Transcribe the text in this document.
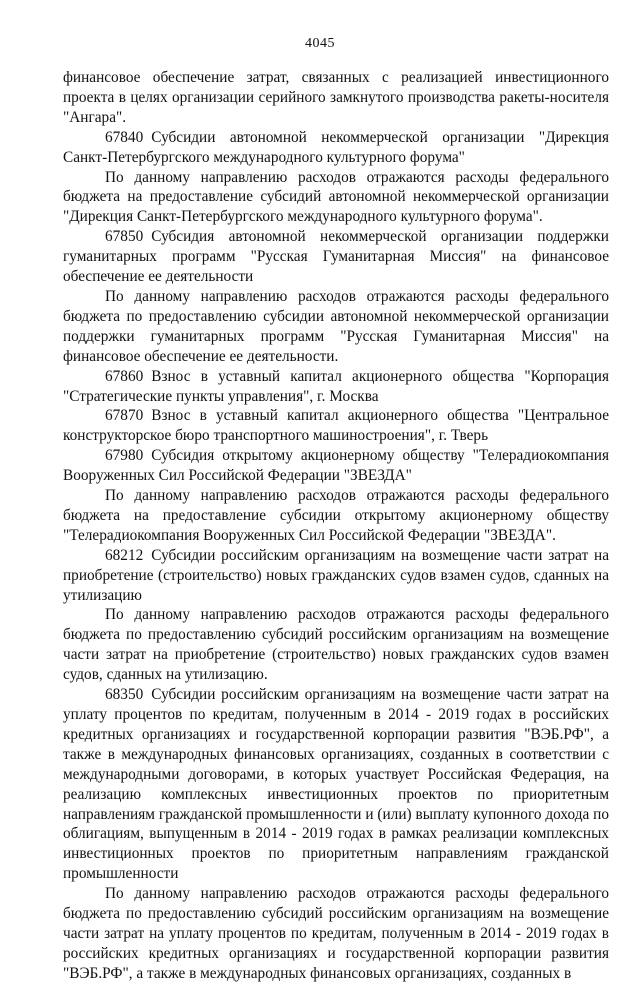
4045

финансовое обеспечение затрат, связанных с реализацией инвестиционного проекта в целях организации серийного замкнутого производства ракеты-носителя "Ангара".

67840 Субсидии автономной некоммерческой организации "Дирекция Санкт-Петербургского международного культурного форума"

По данному направлению расходов отражаются расходы федерального бюджета на предоставление субсидий автономной некоммерческой организации "Дирекция Санкт-Петербургского международного культурного форума".

67850 Субсидия автономной некоммерческой организации поддержки гуманитарных программ "Русская Гуманитарная Миссия" на финансовое обеспечение ее деятельности

По данному направлению расходов отражаются расходы федерального бюджета по предоставлению субсидии автономной некоммерческой организации поддержки гуманитарных программ "Русская Гуманитарная Миссия" на финансовое обеспечение ее деятельности.

67860 Взнос в уставный капитал акционерного общества "Корпорация "Стратегические пункты управления", г. Москва

67870 Взнос в уставный капитал акционерного общества "Центральное конструкторское бюро транспортного машиностроения", г. Тверь

67980 Субсидия открытому акционерному обществу "Телерадиокомпания Вооруженных Сил Российской Федерации "ЗВЕЗДА"

По данному направлению расходов отражаются расходы федерального бюджета на предоставление субсидии открытому акционерному обществу "Телерадиокомпания Вооруженных Сил Российской Федерации "ЗВЕЗДА".

68212 Субсидии российским организациям на возмещение части затрат на приобретение (строительство) новых гражданских судов взамен судов, сданных на утилизацию

По данному направлению расходов отражаются расходы федерального бюджета по предоставлению субсидий российским организациям на возмещение части затрат на приобретение (строительство) новых гражданских судов взамен судов, сданных на утилизацию.

68350 Субсидии российским организациям на возмещение части затрат на уплату процентов по кредитам, полученным в 2014 - 2019 годах в российских кредитных организациях и государственной корпорации развития "ВЭБ.РФ", а также в международных финансовых организациях, созданных в соответствии с международными договорами, в которых участвует Российская Федерация, на реализацию комплексных инвестиционных проектов по приоритетным направлениям гражданской промышленности и (или) выплату купонного дохода по облигациям, выпущенным в 2014 - 2019 годах в рамках реализации комплексных инвестиционных проектов по приоритетным направлениям гражданской промышленности

По данному направлению расходов отражаются расходы федерального бюджета по предоставлению субсидий российским организациям на возмещение части затрат на уплату процентов по кредитам, полученным в 2014 - 2019 годах в российских кредитных организациях и государственной корпорации развития "ВЭБ.РФ", а также в международных финансовых организациях, созданных в
